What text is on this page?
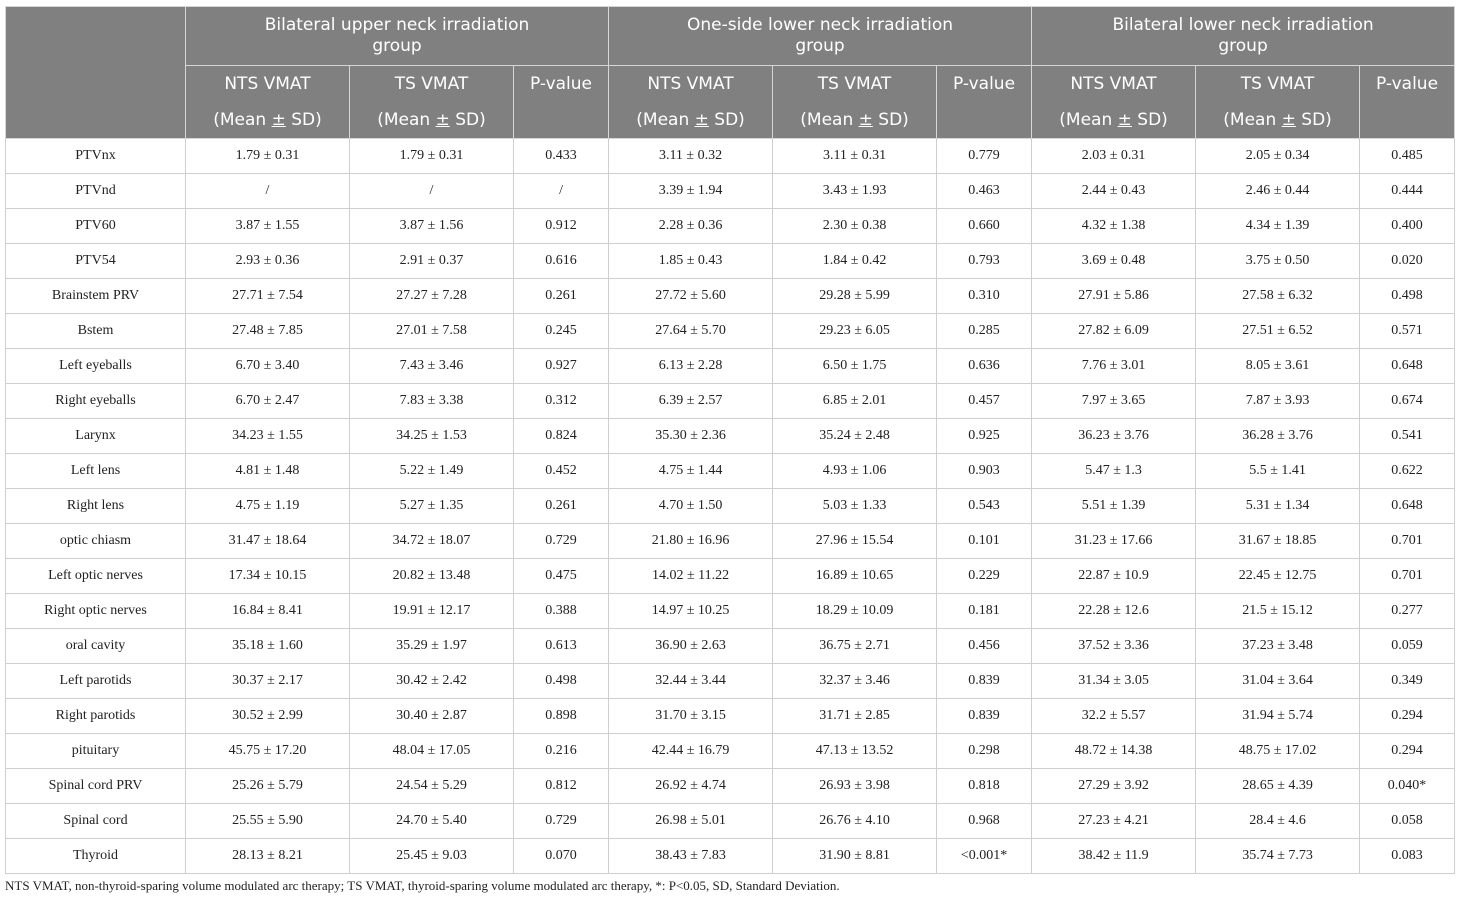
	Bilateral upper neck irradiation group			One-side lower neck irradiation group			Bilateral lower neck irradiation group		
	NTS VMAT	TS VMAT	P-value	NTS VMAT	TS VMAT	P-value	NTS VMAT	TS VMAT	P-value
	(Mean ± SD)	(Mean ± SD)		(Mean ± SD)	(Mean ± SD)		(Mean ± SD)	(Mean ± SD)	
PTVnx	1.79 ± 0.31	1.79 ± 0.31	0.433	3.11 ± 0.32	3.11 ± 0.31	0.779	2.03 ± 0.31	2.05 ± 0.34	0.485
PTVnd	/	/	/	3.39 ± 1.94	3.43 ± 1.93	0.463	2.44 ± 0.43	2.46 ± 0.44	0.444
PTV60	3.87 ± 1.55	3.87 ± 1.56	0.912	2.28 ± 0.36	2.30 ± 0.38	0.660	4.32 ± 1.38	4.34 ± 1.39	0.400
PTV54	2.93 ± 0.36	2.91 ± 0.37	0.616	1.85 ± 0.43	1.84 ± 0.42	0.793	3.69 ± 0.48	3.75 ± 0.50	0.020
Brainstem PRV	27.71 ± 7.54	27.27 ± 7.28	0.261	27.72 ± 5.60	29.28 ± 5.99	0.310	27.91 ± 5.86	27.58 ± 6.32	0.498
Bstem	27.48 ± 7.85	27.01 ± 7.58	0.245	27.64 ± 5.70	29.23 ± 6.05	0.285	27.82 ± 6.09	27.51 ± 6.52	0.571
Left eyeballs	6.70 ± 3.40	7.43 ± 3.46	0.927	6.13 ± 2.28	6.50 ± 1.75	0.636	7.76 ± 3.01	8.05 ± 3.61	0.648
Right eyeballs	6.70 ± 2.47	7.83 ± 3.38	0.312	6.39 ± 2.57	6.85 ± 2.01	0.457	7.97 ± 3.65	7.87 ± 3.93	0.674
Larynx	34.23 ± 1.55	34.25 ± 1.53	0.824	35.30 ± 2.36	35.24 ± 2.48	0.925	36.23 ± 3.76	36.28 ± 3.76	0.541
Left lens	4.81 ± 1.48	5.22 ± 1.49	0.452	4.75 ± 1.44	4.93 ± 1.06	0.903	5.47 ± 1.3	5.5 ± 1.41	0.622
Right lens	4.75 ± 1.19	5.27 ± 1.35	0.261	4.70 ± 1.50	5.03 ± 1.33	0.543	5.51 ± 1.39	5.31 ± 1.34	0.648
optic chiasm	31.47 ± 18.64	34.72 ± 18.07	0.729	21.80 ± 16.96	27.96 ± 15.54	0.101	31.23 ± 17.66	31.67 ± 18.85	0.701
Left optic nerves	17.34 ± 10.15	20.82 ± 13.48	0.475	14.02 ± 11.22	16.89 ± 10.65	0.229	22.87 ± 10.9	22.45 ± 12.75	0.701
Right optic nerves	16.84 ± 8.41	19.91 ± 12.17	0.388	14.97 ± 10.25	18.29 ± 10.09	0.181	22.28 ± 12.6	21.5 ± 15.12	0.277
oral cavity	35.18 ± 1.60	35.29 ± 1.97	0.613	36.90 ± 2.63	36.75 ± 2.71	0.456	37.52 ± 3.36	37.23 ± 3.48	0.059
Left parotids	30.37 ± 2.17	30.42 ± 2.42	0.498	32.44 ± 3.44	32.37 ± 3.46	0.839	31.34 ± 3.05	31.04 ± 3.64	0.349
Right parotids	30.52 ± 2.99	30.40 ± 2.87	0.898	31.70 ± 3.15	31.71 ± 2.85	0.839	32.2 ± 5.57	31.94 ± 5.74	0.294
pituitary	45.75 ± 17.20	48.04 ± 17.05	0.216	42.44 ± 16.79	47.13 ± 13.52	0.298	48.72 ± 14.38	48.75 ± 17.02	0.294
Spinal cord PRV	25.26 ± 5.79	24.54 ± 5.29	0.812	26.92 ± 4.74	26.93 ± 3.98	0.818	27.29 ± 3.92	28.65 ± 4.39	0.040*
Spinal cord	25.55 ± 5.90	24.70 ± 5.40	0.729	26.98 ± 5.01	26.76 ± 4.10	0.968	27.23 ± 4.21	28.4 ± 4.6	0.058
Thyroid	28.13 ± 8.21	25.45 ± 9.03	0.070	38.43 ± 7.83	31.90 ± 8.81	<0.001*	38.42 ± 11.9	35.74 ± 7.73	0.083
NTS VMAT, non-thyroid-sparing volume modulated arc therapy; TS VMAT, thyroid-sparing volume modulated arc therapy, *: P<0.05, SD, Standard Deviation.
